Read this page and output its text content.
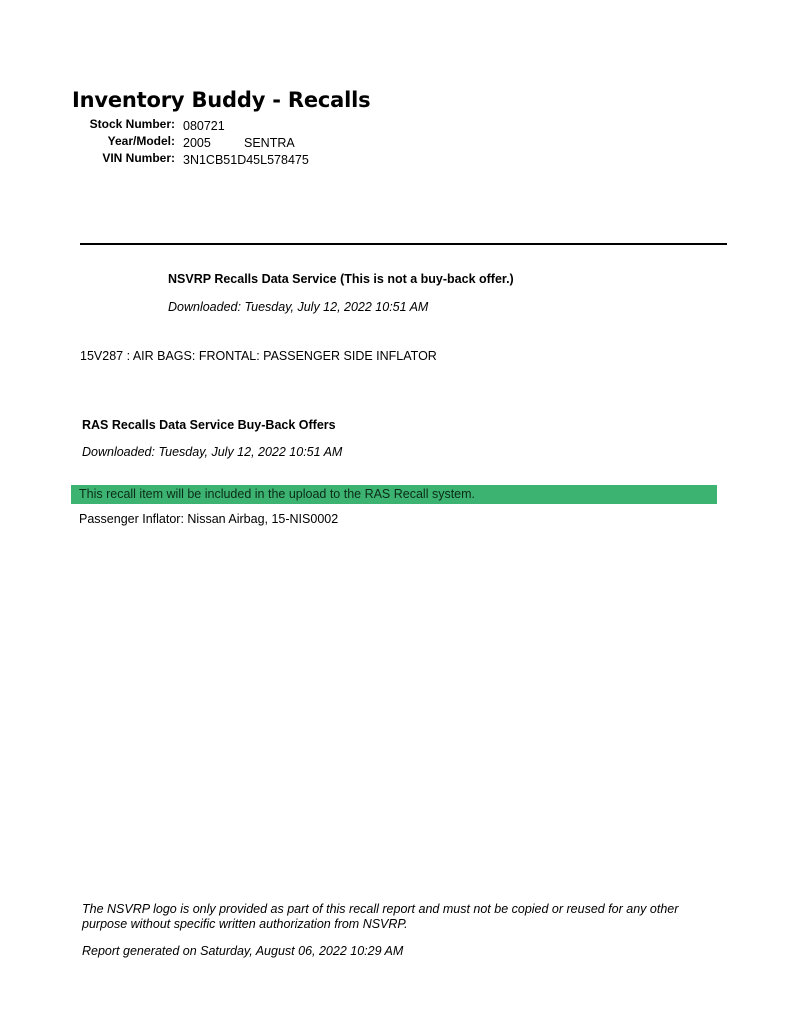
Inventory Buddy - Recalls
Stock Number: 080721
Year/Model: 2005	SENTRA
VIN Number: 3N1CB51D45L578475
NSVRP Recalls Data Service (This is not a buy-back offer.)
Downloaded: Tuesday, July 12, 2022 10:51 AM
15V287 : AIR BAGS: FRONTAL: PASSENGER SIDE INFLATOR
RAS Recalls Data Service Buy-Back Offers
Downloaded: Tuesday, July 12, 2022 10:51 AM
This recall item will be included in the upload to the RAS Recall system.
Passenger Inflator: Nissan Airbag, 15-NIS0002
The NSVRP logo is only provided as part of this recall report and must not be copied or reused for any other purpose without specific written authorization from NSVRP.
Report generated on Saturday, August 06, 2022 10:29 AM
